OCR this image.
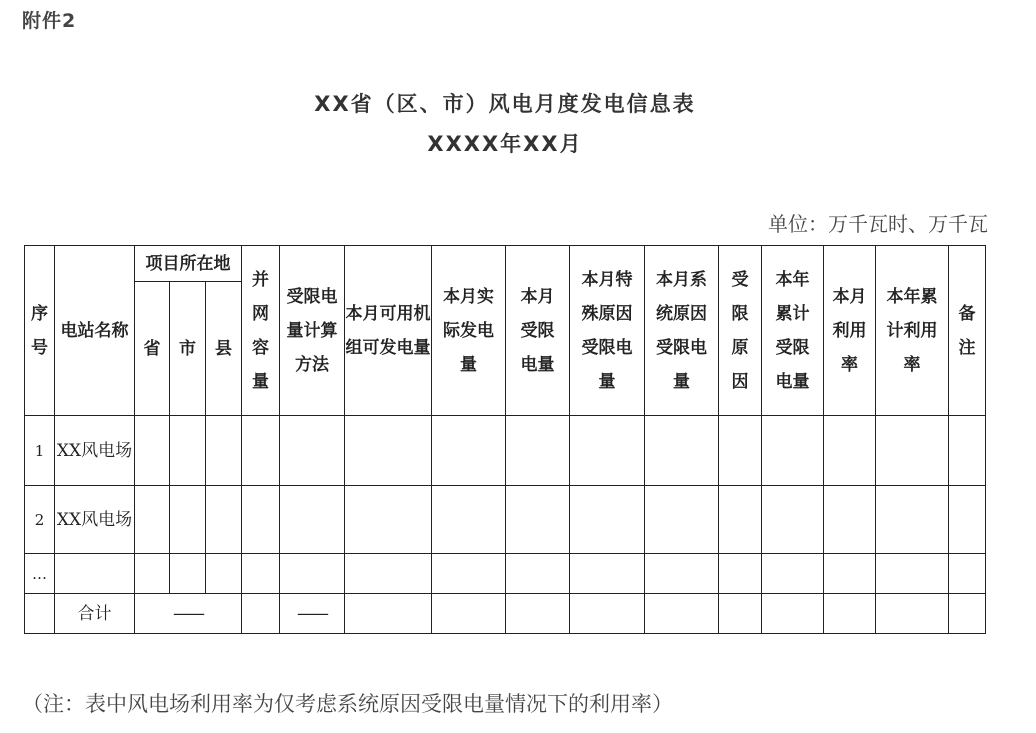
附件2
XX省（区、市）风电月度发电信息表
XXXX年XX月
单位：万千瓦时、万千瓦
序号	电站名称	项目所在地			并网容量	受限电量计算方法	本月可用机组可发电量	本月实际发电量	本月受限电量	本月特殊原因受限电量	本月系统原因受限电量	受限原因	本年累计受限电量	本月利用率	本年累计利用率	备注

		省	市	县												
1	XX风电场															

2	XX风电场															

…																
	合计	——				——										
（注：表中风电场利用率为仅考虑系统原因受限电量情况下的利用率）
